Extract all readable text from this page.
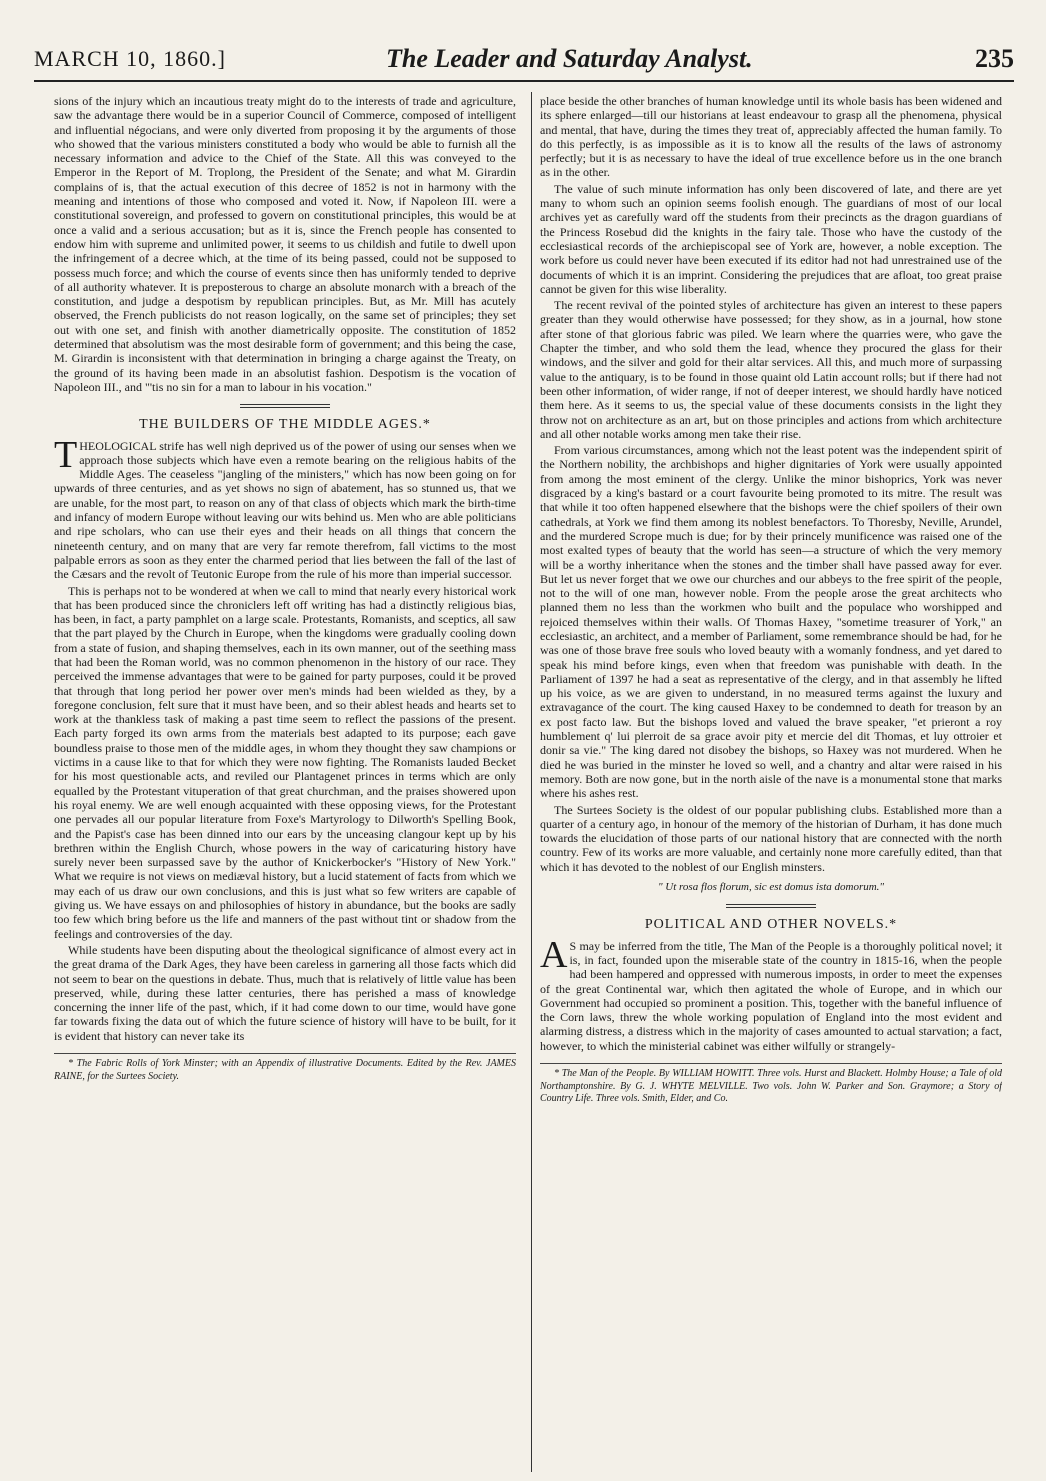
MARCH 10, 1860.]	The Leader and Saturday Analyst.	235

sions of the injury which an incautious treaty might do to the interests of trade and agriculture, saw the advantage there would be in a superior Council of Commerce, composed of intelligent and influential négocians, and were only diverted from proposing it by the arguments of those who showed that the various ministers constituted a body who would be able to furnish all the necessary information and advice to the Chief of the State. All this was conveyed to the Emperor in the Report of M. Troplong, the President of the Senate; and what M. Girardin complains of is, that the actual execution of this decree of 1852 is not in harmony with the meaning and intentions of those who composed and voted it. Now, if Napoleon III. were a constitutional sovereign, and professed to govern on constitutional principles, this would be at once a valid and a serious accusation; but as it is, since the French people has consented to endow him with supreme and unlimited power, it seems to us childish and futile to dwell upon the infringement of a decree which, at the time of its being passed, could not be supposed to possess much force; and which the course of events since then has uniformly tended to deprive of all authority whatever. It is preposterous to charge an absolute monarch with a breach of the constitution, and judge a despotism by republican principles. But, as Mr. Mill has acutely observed, the French publicists do not reason logically, on the same set of principles; they set out with one set, and finish with another diametrically opposite. The constitution of 1852 determined that absolutism was the most desirable form of government; and this being the case, M. Girardin is inconsistent with that determination in bringing a charge against the Treaty, on the ground of its having been made in an absolutist fashion. Despotism is the vocation of Napoleon III., and "'tis no sin for a man to labour in his vocation."

THE BUILDERS OF THE MIDDLE AGES.*

THEOLOGICAL strife has well nigh deprived us of the power of using our senses when we approach those subjects which have even a remote bearing on the religious habits of the Middle Ages. The ceaseless "jangling of the ministers," which has now been going on for upwards of three centuries, and as yet shows no sign of abatement, has so stunned us, that we are unable, for the most part, to reason on any of that class of objects which mark the birth-time and infancy of modern Europe without leaving our wits behind us. Men who are able politicians and ripe scholars, who can use their eyes and their heads on all things that concern the nineteenth century, and on many that are very far remote therefrom, fall victims to the most palpable errors as soon as they enter the charmed period that lies between the fall of the last of the Cæsars and the revolt of Teutonic Europe from the rule of his more than imperial successor.

This is perhaps not to be wondered at when we call to mind that nearly every historical work that has been produced since the chroniclers left off writing has had a distinctly religious bias, has been, in fact, a party pamphlet on a large scale. Protestants, Romanists, and sceptics, all saw that the part played by the Church in Europe, when the kingdoms were gradually cooling down from a state of fusion, and shaping themselves, each in its own manner, out of the seething mass that had been the Roman world, was no common phenomenon in the history of our race. They perceived the immense advantages that were to be gained for party purposes, could it be proved that through that long period her power over men's minds had been wielded as they, by a foregone conclusion, felt sure that it must have been, and so their ablest heads and hearts set to work at the thankless task of making a past time seem to reflect the passions of the present. Each party forged its own arms from the materials best adapted to its purpose; each gave boundless praise to those men of the middle ages, in whom they thought they saw champions or victims in a cause like to that for which they were now fighting. The Romanists lauded Becket for his most questionable acts, and reviled our Plantagenet princes in terms which are only equalled by the Protestant vituperation of that great churchman, and the praises showered upon his royal enemy. We are well enough acquainted with these opposing views, for the Protestant one pervades all our popular literature from Foxe's Martyrology to Dilworth's Spelling Book, and the Papist's case has been dinned into our ears by the unceasing clangour kept up by his brethren within the English Church, whose powers in the way of caricaturing history have surely never been surpassed save by the author of Knickerbocker's "History of New York." What we require is not views on mediæval history, but a lucid statement of facts from which we may each of us draw our own conclusions, and this is just what so few writers are capable of giving us. We have essays on and philosophies of history in abundance, but the books are sadly too few which bring before us the life and manners of the past without tint or shadow from the feelings and controversies of the day.

While students have been disputing about the theological significance of almost every act in the great drama of the Dark Ages, they have been careless in garnering all those facts which did not seem to bear on the questions in debate. Thus, much that is relatively of little value has been preserved, while, during these latter centuries, there has perished a mass of knowledge concerning the inner life of the past, which, if it had come down to our time, would have gone far towards fixing the data out of which the future science of history will have to be built, for it is evident that history can never take its

* The Fabric Rolls of York Minster; with an Appendix of illustrative Documents. Edited by the Rev. JAMES RAINE, for the Surtees Society.

place beside the other branches of human knowledge until its whole basis has been widened and its sphere enlarged—till our historians at least endeavour to grasp all the phenomena, physical and mental, that have, during the times they treat of, appreciably affected the human family. To do this perfectly, is as impossible as it is to know all the results of the laws of astronomy perfectly; but it is as necessary to have the ideal of true excellence before us in the one branch as in the other.

The value of such minute information has only been discovered of late, and there are yet many to whom such an opinion seems foolish enough. The guardians of most of our local archives yet as carefully ward off the students from their precincts as the dragon guardians of the Princess Rosebud did the knights in the fairy tale. Those who have the custody of the ecclesiastical records of the archiepiscopal see of York are, however, a noble exception. The work before us could never have been executed if its editor had not had unrestrained use of the documents of which it is an imprint. Considering the prejudices that are afloat, too great praise cannot be given for this wise liberality.

The recent revival of the pointed styles of architecture has given an interest to these papers greater than they would otherwise have possessed; for they show, as in a journal, how stone after stone of that glorious fabric was piled. We learn where the quarries were, who gave the Chapter the timber, and who sold them the lead, whence they procured the glass for their windows, and the silver and gold for their altar services. All this, and much more of surpassing value to the antiquary, is to be found in those quaint old Latin account rolls; but if there had not been other information, of wider range, if not of deeper interest, we should hardly have noticed them here. As it seems to us, the special value of these documents consists in the light they throw not on architecture as an art, but on those principles and actions from which architecture and all other notable works among men take their rise.

From various circumstances, among which not the least potent was the independent spirit of the Northern nobility, the archbishops and higher dignitaries of York were usually appointed from among the most eminent of the clergy. Unlike the minor bishoprics, York was never disgraced by a king's bastard or a court favourite being promoted to its mitre. The result was that while it too often happened elsewhere that the bishops were the chief spoilers of their own cathedrals, at York we find them among its noblest benefactors. To Thoresby, Neville, Arundel, and the murdered Scrope much is due; for by their princely munificence was raised one of the most exalted types of beauty that the world has seen—a structure of which the very memory will be a worthy inheritance when the stones and the timber shall have passed away for ever. But let us never forget that we owe our churches and our abbeys to the free spirit of the people, not to the will of one man, however noble. From the people arose the great architects who planned them no less than the workmen who built and the populace who worshipped and rejoiced themselves within their walls. Of Thomas Haxey, "sometime treasurer of York," an ecclesiastic, an architect, and a member of Parliament, some remembrance should be had, for he was one of those brave free souls who loved beauty with a womanly fondness, and yet dared to speak his mind before kings, even when that freedom was punishable with death. In the Parliament of 1397 he had a seat as representative of the clergy, and in that assembly he lifted up his voice, as we are given to understand, in no measured terms against the luxury and extravagance of the court. The king caused Haxey to be condemned to death for treason by an ex post facto law. But the bishops loved and valued the brave speaker, "et prieront a roy humblement q' lui plerroit de sa grace avoir pity et mercie del dit Thomas, et luy ottroier et donir sa vie." The king dared not disobey the bishops, so Haxey was not murdered. When he died he was buried in the minster he loved so well, and a chantry and altar were raised in his memory. Both are now gone, but in the north aisle of the nave is a monumental stone that marks where his ashes rest.

The Surtees Society is the oldest of our popular publishing clubs. Established more than a quarter of a century ago, in honour of the memory of the historian of Durham, it has done much towards the elucidation of those parts of our national history that are connected with the north country. Few of its works are more valuable, and certainly none more carefully edited, than that which it has devoted to the noblest of our English minsters.

" Ut rosa flos florum, sic est domus ista domorum."
POLITICAL AND OTHER NOVELS.*

AS may be inferred from the title, The Man of the People is a thoroughly political novel; it is, in fact, founded upon the miserable state of the country in 1815-16, when the people had been hampered and oppressed with numerous imposts, in order to meet the expenses of the great Continental war, which then agitated the whole of Europe, and in which our Government had occupied so prominent a position. This, together with the baneful influence of the Corn laws, threw the whole working population of England into the most evident and alarming distress, a distress which in the majority of cases amounted to actual starvation; a fact, however, to which the ministerial cabinet was either wilfully or strangely-

* The Man of the People. By WILLIAM HOWITT. Three vols. Hurst and Blackett. Holmby House; a Tale of old Northamptonshire. By G. J. WHYTE MELVILLE. Two vols. John W. Parker and Son. Graymore; a Story of Country Life. Three vols. Smith, Elder, and Co.
